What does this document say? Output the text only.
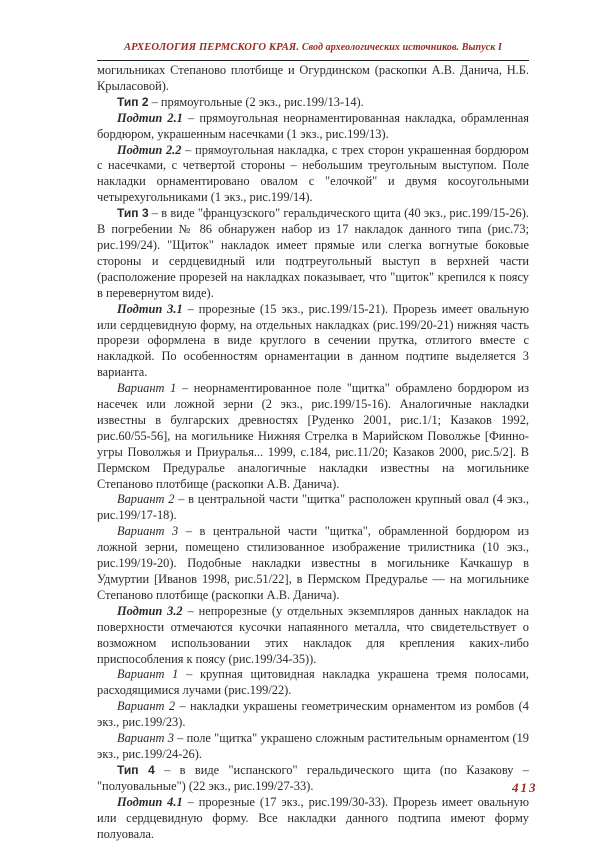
АРХЕОЛОГИЯ ПЕРМСКОГО КРАЯ. Свод археологических источников. Выпуск I

могильниках Степаново плотбище и Огурдинском (раскопки А.В. Данича, Н.Б. Крыласовой).

Тип 2 – прямоугольные (2 экз., рис.199/13-14).

Подтип 2.1 – прямоугольная неорнаментированная накладка, обрамленная бордюром, украшенным насечками (1 экз., рис.199/13).

Подтип 2.2 – прямоугольная накладка, с трех сторон украшенная бордюром с насечками, с четвертой стороны – небольшим треугольным выступом. Поле накладки орнаментировано овалом с "елочкой" и двумя косоугольными четырехугольниками (1 экз., рис.199/14).

Тип 3 – в виде "французского" геральдического щита (40 экз., рис.199/15-26). В погребении № 86 обнаружен набор из 17 накладок данного типа (рис.73; рис.199/24). "Щиток" накладок имеет прямые или слегка вогнутые боковые стороны и сердцевидный или подтреугольный выступ в верхней части (расположение прорезей на накладках показывает, что "щиток" крепился к поясу в перевернутом виде).

Подтип 3.1 – прорезные (15 экз., рис.199/15-21). Прорезь имеет овальную или сердцевидную форму, на отдельных накладках (рис.199/20-21) нижняя часть прорези оформлена в виде круглого в сечении прутка, отлитого вместе с накладкой. По особенностям орнаментации в данном подтипе выделяется 3 варианта.

Вариант 1 – неорнаментированное поле "щитка" обрамлено бордюром из насечек или ложной зерни (2 экз., рис.199/15-16). Аналогичные накладки известны в булгарских древностях [Руденко 2001, рис.1/1; Казаков 1992, рис.60/55-56], на могильнике Нижняя Стрелка в Марийском Поволжье [Финно-угры Поволжья и Приуралья... 1999, с.184, рис.11/20; Казаков 2000, рис.5/2]. В Пермском Предуралье аналогичные накладки известны на могильнике Степаново плотбище (раскопки А.В. Данича).

Вариант 2 – в центральной части "щитка" расположен крупный овал (4 экз., рис.199/17-18).

Вариант 3 – в центральной части "щитка", обрамленной бордюром из ложной зерни, помещено стилизованное изображение трилистника (10 экз., рис.199/19-20). Подобные накладки известны в могильнике Качкашур в Удмуртии [Иванов 1998, рис.51/22], в Пермском Предуралье — на могильнике Степаново плотбище (раскопки А.В. Данича).

Подтип 3.2 – непрорезные (у отдельных экземпляров данных накладок на поверхности отмечаются кусочки напаянного металла, что свидетельствует о возможном использовании этих накладок для крепления каких-либо приспособления к поясу (рис.199/34-35)).

Вариант 1 – крупная щитовидная накладка украшена тремя полосами, расходящимися лучами (рис.199/22).

Вариант 2 – накладки украшены геометрическим орнаментом из ромбов (4 экз., рис.199/23).

Вариант 3 – поле "щитка" украшено сложным растительным орнаментом (19 экз., рис.199/24-26).

Тип 4 – в виде "испанского" геральдического щита (по Казакову – "полуовальные") (22 экз., рис.199/27-33).

Подтип 4.1 – прорезные (17 экз., рис.199/30-33). Прорезь имеет овальную или сердцевидную форму. Все накладки данного подтипа имеют форму полуовала.

413
